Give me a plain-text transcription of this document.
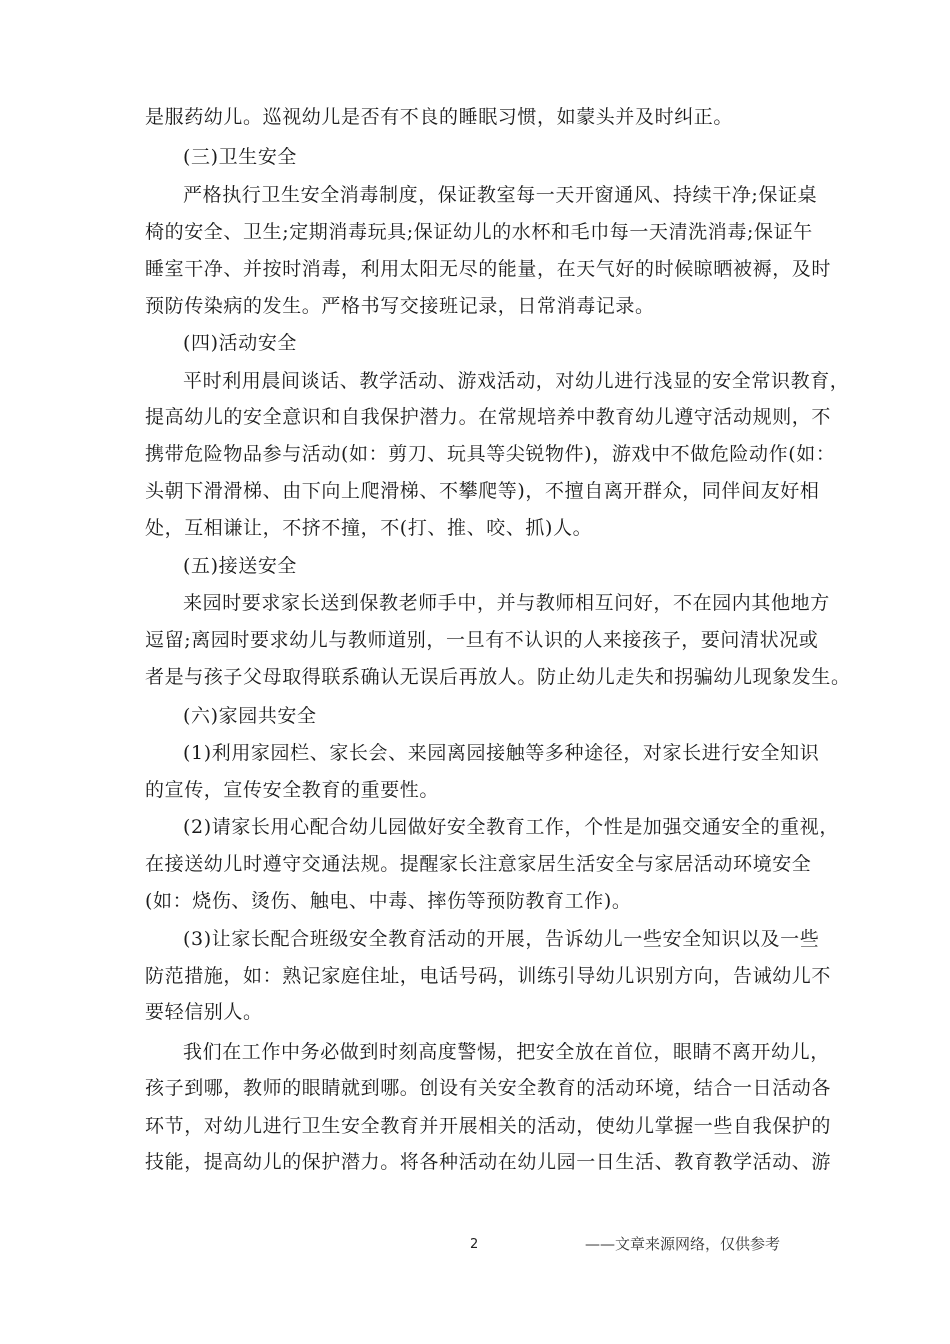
是服药幼儿。巡视幼儿是否有不良的睡眠习惯，如蒙头并及时纠正。
(三)卫生安全
严格执行卫生安全消毒制度，保证教室每一天开窗通风、持续干净;保证桌
椅的安全、卫生;定期消毒玩具;保证幼儿的水杯和毛巾每一天清洗消毒;保证午
睡室干净、并按时消毒，利用太阳无尽的能量，在天气好的时候晾晒被褥，及时
预防传染病的发生。严格书写交接班记录，日常消毒记录。
(四)活动安全
平时利用晨间谈话、教学活动、游戏活动，对幼儿进行浅显的安全常识教育，
提高幼儿的安全意识和自我保护潜力。在常规培养中教育幼儿遵守活动规则，不
携带危险物品参与活动(如：剪刀、玩具等尖锐物件)，游戏中不做危险动作(如：
头朝下滑滑梯、由下向上爬滑梯、不攀爬等)，不擅自离开群众，同伴间友好相
处，互相谦让，不挤不撞，不(打、推、咬、抓)人。
(五)接送安全
来园时要求家长送到保教老师手中，并与教师相互问好，不在园内其他地方
逗留;离园时要求幼儿与教师道别，一旦有不认识的人来接孩子，要问清状况或
者是与孩子父母取得联系确认无误后再放人。防止幼儿走失和拐骗幼儿现象发生。
(六)家园共安全
(1)利用家园栏、家长会、来园离园接触等多种途径，对家长进行安全知识
的宣传，宣传安全教育的重要性。
(2)请家长用心配合幼儿园做好安全教育工作，个性是加强交通安全的重视，
在接送幼儿时遵守交通法规。提醒家长注意家居生活安全与家居活动环境安全
(如：烧伤、烫伤、触电、中毒、摔伤等预防教育工作)。
(3)让家长配合班级安全教育活动的开展，告诉幼儿一些安全知识以及一些
防范措施，如：熟记家庭住址，电话号码，训练引导幼儿识别方向，告诫幼儿不
要轻信别人。
我们在工作中务必做到时刻高度警惕，把安全放在首位，眼睛不离开幼儿，
孩子到哪，教师的眼睛就到哪。创设有关安全教育的活动环境，结合一日活动各
环节，对幼儿进行卫生安全教育并开展相关的活动，使幼儿掌握一些自我保护的
技能，提高幼儿的保护潜力。将各种活动在幼儿园一日生活、教育教学活动、游
2	——文章来源网络，仅供参考
